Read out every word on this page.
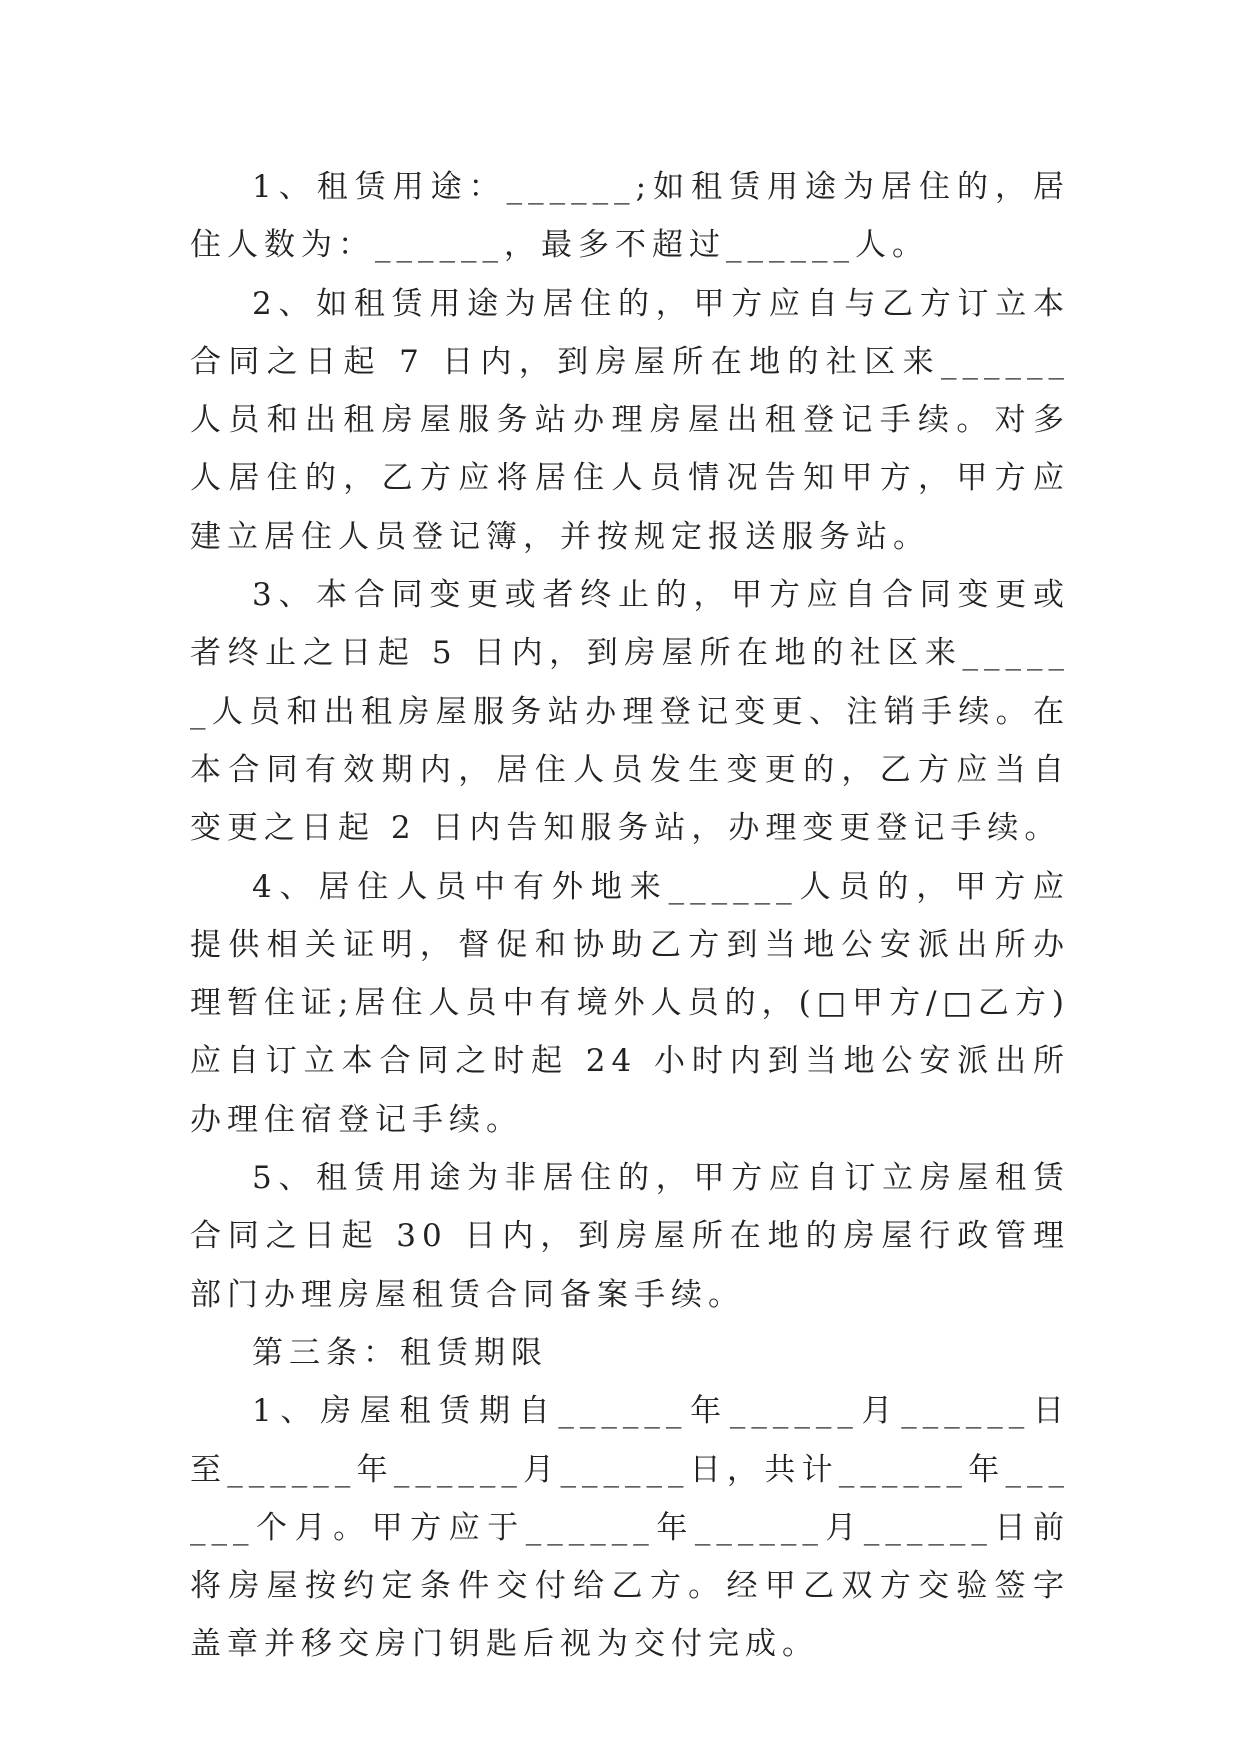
1、租赁用途：______;如租赁用途为居住的，居住人数为：______，最多不超过______人。

2、如租赁用途为居住的，甲方应自与乙方订立本合同之日起 7 日内，到房屋所在地的社区来______人员和出租房屋服务站办理房屋出租登记手续。对多人居住的，乙方应将居住人员情况告知甲方，甲方应建立居住人员登记簿，并按规定报送服务站。

3、本合同变更或者终止的，甲方应自合同变更或者终止之日起 5 日内，到房屋所在地的社区来______人员和出租房屋服务站办理登记变更、注销手续。在本合同有效期内，居住人员发生变更的，乙方应当自变更之日起 2 日内告知服务站，办理变更登记手续。

4、居住人员中有外地来______人员的，甲方应提供相关证明，督促和协助乙方到当地公安派出所办理暂住证;居住人员中有境外人员的，(□甲方/□乙方)应自订立本合同之时起 24 小时内到当地公安派出所办理住宿登记手续。

5、租赁用途为非居住的，甲方应自订立房屋租赁合同之日起 30 日内，到房屋所在地的房屋行政管理部门办理房屋租赁合同备案手续。

第三条：租赁期限

1、房屋租赁期自______年______月______日至______年______月______日，共计______年______个月。甲方应于______年______月______日前将房屋按约定条件交付给乙方。经甲乙双方交验签字盖章并移交房门钥匙后视为交付完成。
